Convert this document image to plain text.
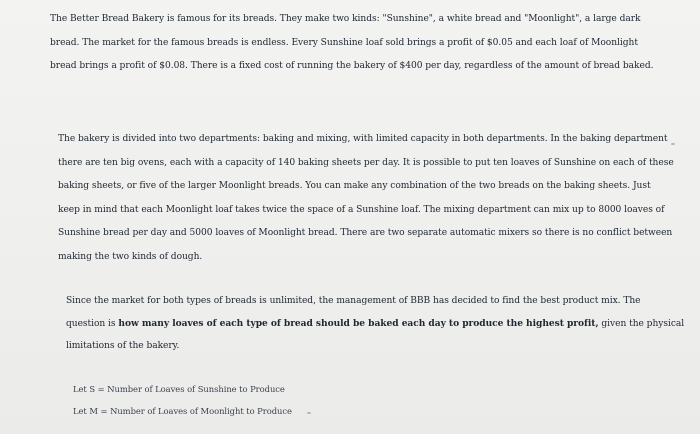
The Better Bread Bakery is famous for its breads. They make two kinds: "Sunshine", a white bread and "Moonlight", a large dark
bread. The market for the famous breads is endless. Every Sunshine loaf sold brings a profit of $0.05 and each loaf of Moonlight
bread brings a profit of $0.08. There is a fixed cost of running the bakery of $400 per day, regardless of the amount of bread baked.
The bakery is divided into two departments: baking and mixing, with limited capacity in both departments. In the baking department
there are ten big ovens, each with a capacity of 140 baking sheets per day. It is possible to put ten loaves of Sunshine on each of these
baking sheets, or five of the larger Moonlight breads. You can make any combination of the two breads on the baking sheets. Just
keep in mind that each Moonlight loaf takes twice the space of a Sunshine loaf. The mixing department can mix up to 8000 loaves of
Sunshine bread per day and 5000 loaves of Moonlight bread. There are two separate automatic mixers so there is no conflict between
making the two kinds of dough.
Since the market for both types of breads is unlimited, the management of BBB has decided to find the best product mix. The
question is how many loaves of each type of bread should be baked each day to produce the highest profit, given the physical
limitations of the bakery.
Let S = Number of Loaves of Sunshine to Produce
Let M = Number of Loaves of Moonlight to Produce
